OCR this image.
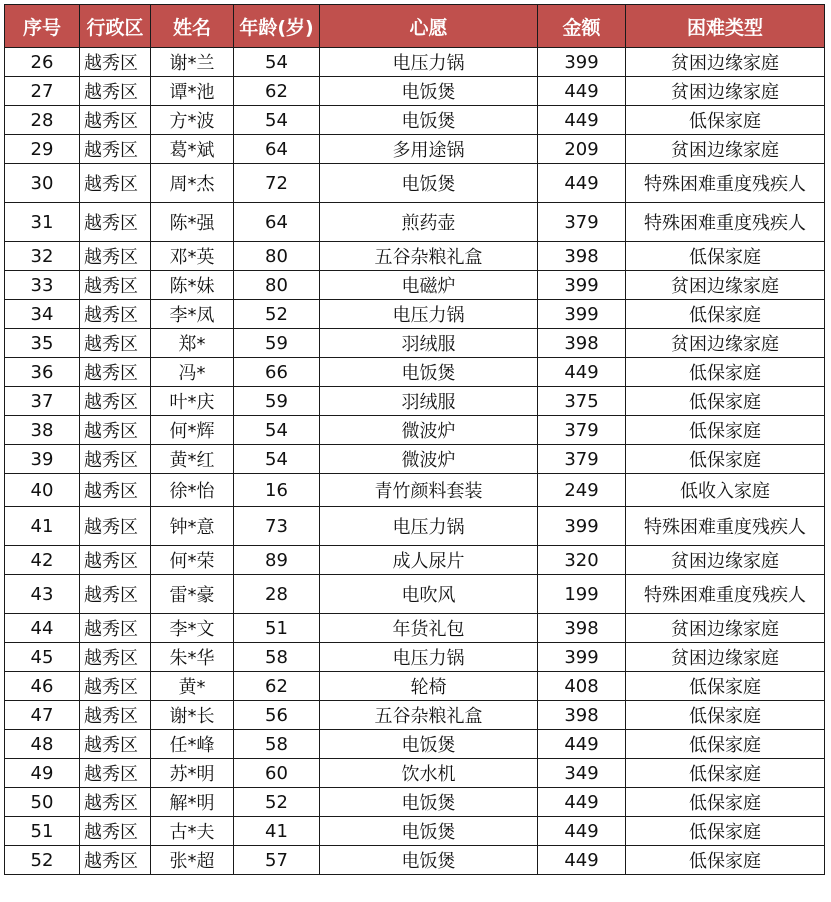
序号	行政区	姓名	年龄(岁)	心愿	金额	困难类型
26	越秀区	谢*兰	54	电压力锅	399	贫困边缘家庭
27	越秀区	谭*池	62	电饭煲	449	贫困边缘家庭
28	越秀区	方*波	54	电饭煲	449	低保家庭
29	越秀区	葛*斌	64	多用途锅	209	贫困边缘家庭
30	越秀区	周*杰	72	电饭煲	449	特殊困难重度残疾人
31	越秀区	陈*强	64	煎药壶	379	特殊困难重度残疾人
32	越秀区	邓*英	80	五谷杂粮礼盒	398	低保家庭
33	越秀区	陈*妹	80	电磁炉	399	贫困边缘家庭
34	越秀区	李*凤	52	电压力锅	399	低保家庭
35	越秀区	郑*	59	羽绒服	398	贫困边缘家庭
36	越秀区	冯*	66	电饭煲	449	低保家庭
37	越秀区	叶*庆	59	羽绒服	375	低保家庭
38	越秀区	何*辉	54	微波炉	379	低保家庭
39	越秀区	黄*红	54	微波炉	379	低保家庭
40	越秀区	徐*怡	16	青竹颜料套装	249	低收入家庭
41	越秀区	钟*意	73	电压力锅	399	特殊困难重度残疾人
42	越秀区	何*荣	89	成人尿片	320	贫困边缘家庭
43	越秀区	雷*豪	28	电吹风	199	特殊困难重度残疾人
44	越秀区	李*文	51	年货礼包	398	贫困边缘家庭
45	越秀区	朱*华	58	电压力锅	399	贫困边缘家庭
46	越秀区	黄*	62	轮椅	408	低保家庭
47	越秀区	谢*长	56	五谷杂粮礼盒	398	低保家庭
48	越秀区	任*峰	58	电饭煲	449	低保家庭
49	越秀区	苏*明	60	饮水机	349	低保家庭
50	越秀区	解*明	52	电饭煲	449	低保家庭
51	越秀区	古*夫	41	电饭煲	449	低保家庭
52	越秀区	张*超	57	电饭煲	449	低保家庭
